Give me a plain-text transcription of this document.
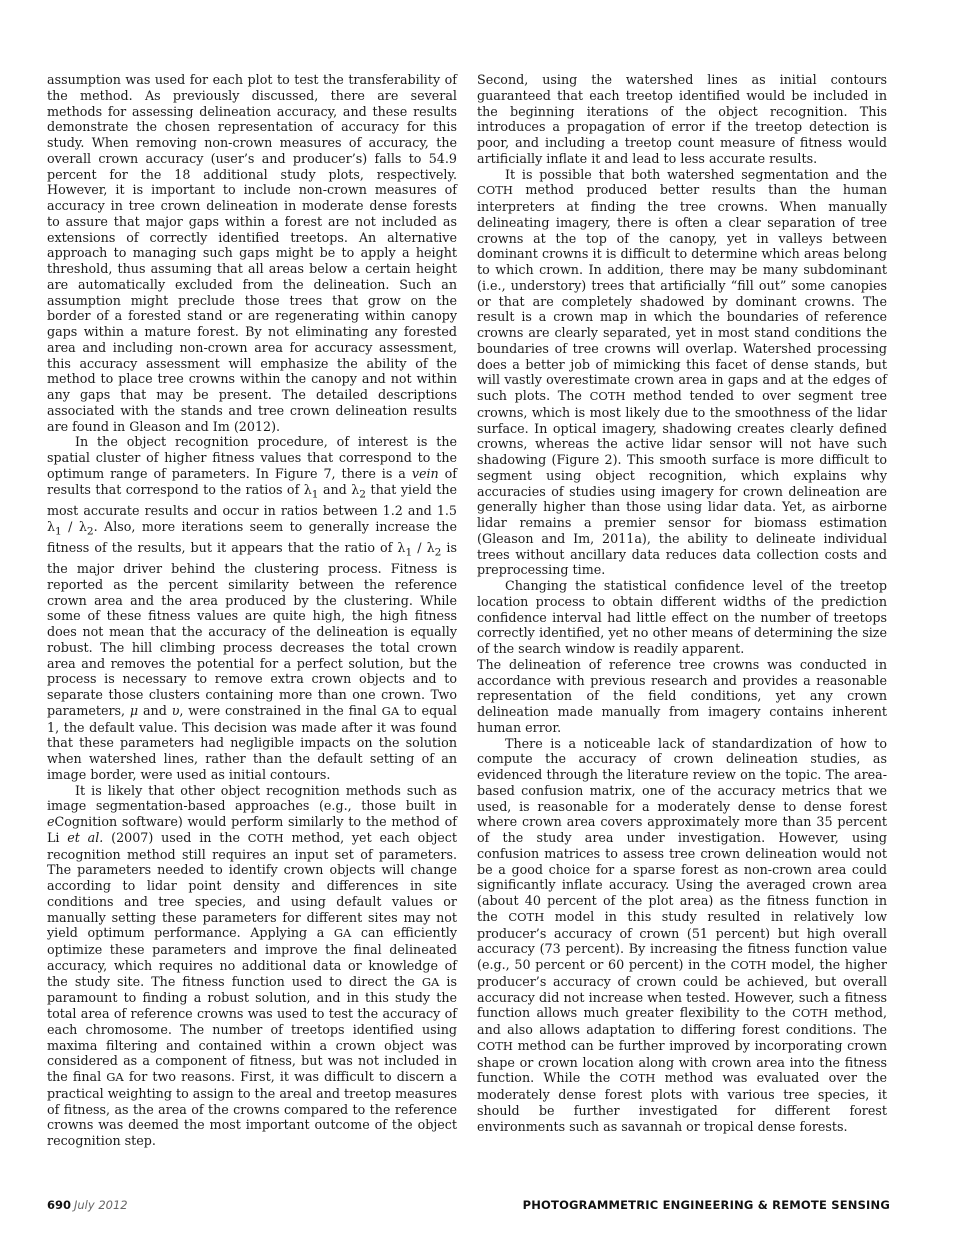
assumption was used for each plot to test the transferability of the method. As previously discussed, there are several methods for assessing delineation accuracy, and these results demonstrate the chosen representation of accuracy for this study. When removing non-crown measures of accuracy, the overall crown accuracy (user’s and producer’s) falls to 54.9 percent for the 18 additional study plots, respectively. However, it is important to include non-crown measures of accuracy in tree crown delineation in moderate dense forests to assure that major gaps within a forest are not included as extensions of correctly identified treetops. An alternative approach to managing such gaps might be to apply a height threshold, thus assuming that all areas below a certain height are automatically excluded from the delineation. Such an assumption might preclude those trees that grow on the border of a forested stand or are regenerating within canopy gaps within a mature forest. By not eliminating any forested area and including non-crown area for accuracy assessment, this accuracy assessment will emphasize the ability of the method to place tree crowns within the canopy and not within any gaps that may be present. The detailed descriptions associated with the stands and tree crown delineation results are found in Gleason and Im (2012).

In the object recognition procedure, of interest is the spatial cluster of higher fitness values that correspond to the optimum range of parameters. In Figure 7, there is a vein of results that correspond to the ratios of $\lambda_1$ and $\lambda_2$ that yield the most accurate results and occur in ratios between 1.2 and 1.5 $\lambda_1 / \lambda_2$. Also, more iterations seem to generally increase the fitness of the results, but it appears that the ratio of $\lambda_1 / \lambda_2$ is the major driver behind the clustering process. Fitness is reported as the percent similarity between the reference crown area and the area produced by the clustering. While some of these fitness values are quite high, the high fitness does not mean that the accuracy of the delineation is equally robust. The hill climbing process decreases the total crown area and removes the potential for a perfect solution, but the process is necessary to remove extra crown objects and to separate those clusters containing more than one crown. Two parameters, μ and υ, were constrained in the final GA to equal 1, the default value. This decision was made after it was found that these parameters had negligible impacts on the solution when watershed lines, rather than the default setting of an image border, were used as initial contours.

It is likely that other object recognition methods such as image segmentation-based approaches (e.g., those built in eCognition software) would perform similarly to the method of Li et al. (2007) used in the COTH method, yet each object recognition method still requires an input set of parameters. The parameters needed to identify crown objects will change according to lidar point density and differences in site conditions and tree species, and using default values or manually setting these parameters for different sites may not yield optimum performance. Applying a GA can efficiently optimize these parameters and improve the final delineated accuracy, which requires no additional data or knowledge of the study site. The fitness function used to direct the GA is paramount to finding a robust solution, and in this study the total area of reference crowns was used to test the accuracy of each chromosome. The number of treetops identified using maxima filtering and contained within a crown object was considered as a component of fitness, but was not included in the final GA for two reasons. First, it was difficult to discern a practical weighting to assign to the areal and treetop measures of fitness, as the area of the crowns compared to the reference crowns was deemed the most important outcome of the object recognition step.

Second, using the watershed lines as initial contours guaranteed that each treetop identified would be included in the beginning iterations of the object recognition. This introduces a propagation of error if the treetop detection is poor, and including a treetop count measure of fitness would artificially inflate it and lead to less accurate results.

It is possible that both watershed segmentation and the COTH method produced better results than the human interpreters at finding the tree crowns. When manually delineating imagery, there is often a clear separation of tree crowns at the top of the canopy, yet in valleys between dominant crowns it is difficult to determine which areas belong to which crown. In addition, there may be many subdominant (i.e., understory) trees that artificially “fill out” some canopies or that are completely shadowed by dominant crowns. The result is a crown map in which the boundaries of reference crowns are clearly separated, yet in most stand conditions the boundaries of tree crowns will overlap. Watershed processing does a better job of mimicking this facet of dense stands, but will vastly overestimate crown area in gaps and at the edges of such plots. The COTH method tended to over segment tree crowns, which is most likely due to the smoothness of the lidar surface. In optical imagery, shadowing creates clearly defined crowns, whereas the active lidar sensor will not have such shadowing (Figure 2). This smooth surface is more difficult to segment using object recognition, which explains why accuracies of studies using imagery for crown delineation are generally higher than those using lidar data. Yet, as airborne lidar remains a premier sensor for biomass estimation (Gleason and Im, 2011a), the ability to delineate individual trees without ancillary data reduces data collection costs and preprocessing time.

Changing the statistical confidence level of the treetop location process to obtain different widths of the prediction confidence interval had little effect on the number of treetops correctly identified, yet no other means of determining the size of the search window is readily apparent.

The delineation of reference tree crowns was conducted in accordance with previous research and provides a reasonable representation of the field conditions, yet any crown delineation made manually from imagery contains inherent human error.

There is a noticeable lack of standardization of how to compute the accuracy of crown delineation studies, as evidenced through the literature review on the topic. The area-based confusion matrix, one of the accuracy metrics that we used, is reasonable for a moderately dense to dense forest where crown area covers approximately more than 35 percent of the study area under investigation. However, using confusion matrices to assess tree crown delineation would not be a good choice for a sparse forest as non-crown area could significantly inflate accuracy. Using the averaged crown area (about 40 percent of the plot area) as the fitness function in the COTH model in this study resulted in relatively low producer’s accuracy of crown (51 percent) but high overall accuracy (73 percent). By increasing the fitness function value (e.g., 50 percent or 60 percent) in the COTH model, the higher producer’s accuracy of crown could be achieved, but overall accuracy did not increase when tested. However, such a fitness function allows much greater flexibility to the COTH method, and also allows adaptation to differing forest conditions. The COTH method can be further improved by incorporating crown shape or crown location along with crown area into the fitness function. While the COTH method was evaluated over the moderately dense forest plots with various tree species, it should be further investigated for different forest environments such as savannah or tropical dense forests.

690 July 2012	PHOTOGRAMMETRIC ENGINEERING & REMOTE SENSING
